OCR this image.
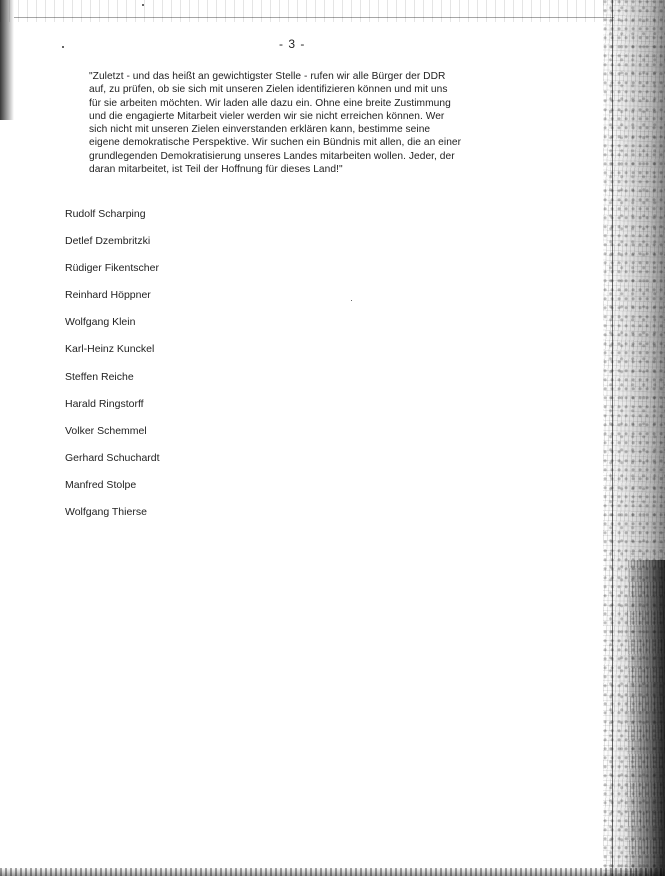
- 3 -
"Zuletzt - und das heißt an gewichtigster Stelle - rufen wir alle Bürger der DDR
auf, zu prüfen, ob sie sich mit unseren Zielen identifizieren können und mit uns
für sie arbeiten möchten. Wir laden alle dazu ein. Ohne eine breite Zustimmung
und die engagierte Mitarbeit vieler werden wir sie nicht erreichen können. Wer
sich nicht mit unseren Zielen einverstanden erklären kann, bestimme seine
eigene demokratische Perspektive. Wir suchen ein Bündnis mit allen, die an einer
grundlegenden Demokratisierung unseres Landes mitarbeiten wollen. Jeder, der
daran mitarbeitet, ist Teil der Hoffnung für dieses Land!"
Rudolf Scharping
Detlef Dzembritzki
Rüdiger Fikentscher
Reinhard Höppner
Wolfgang Klein
Karl-Heinz Kunckel
Steffen Reiche
Harald Ringstorff
Volker Schemmel
Gerhard Schuchardt
Manfred Stolpe
Wolfgang Thierse
